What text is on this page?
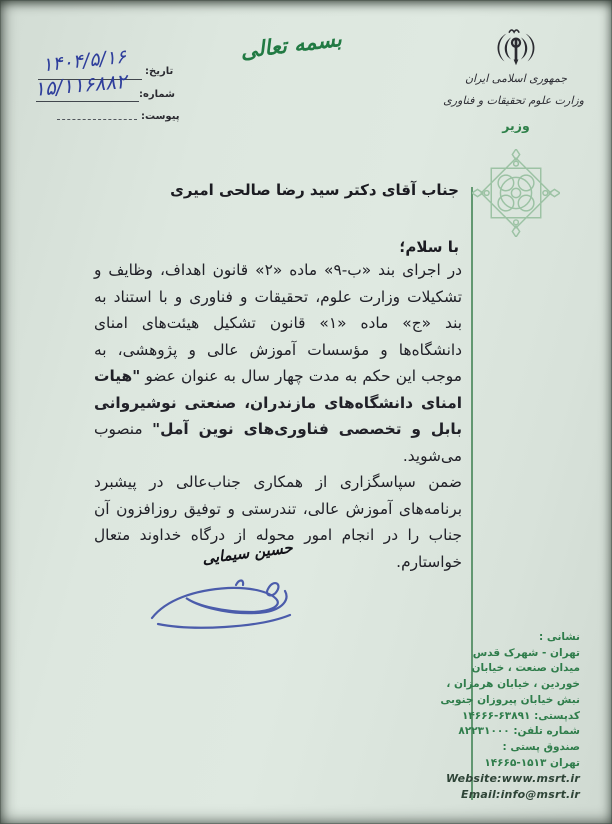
بسمه تعالی
۱۴۰۴/۵/۱۶ تاریخ:
۱۵/۱۱۶۸۸۲ شماره:
پیوست:
جمهوری اسلامی ایران
وزارت علوم تحقیقات و فناوری
وزیر
جناب آقای دکتر سید رضا صالحی امیری
با سلام؛

در اجرای بند «ب-۹» ماده «۲» قانون اهداف، وظایف و تشکیلات وزارت علوم، تحقیقات و فناوری و با استناد به بند «ج» ماده «۱» قانون تشکیل هیئت‌های امنای دانشگاه‌ها و مؤسسات آموزش عالی و پژوهشی، به موجب این حکم به مدت چهار سال به عنوان عضو "هیات امنای دانشگاه‌های مازندران، صنعتی نوشیروانی بابل و تخصصی فناوری‌های نوین آمل" منصوب می‌شوید.

ضمن سپاسگزاری از همکاری جناب‌عالی در پیشبرد برنامه‌های آموزش عالی، تندرستی و توفیق روزافزون آن جناب را در انجام امور محوله از درگاه خداوند متعال خواستارم.

حسین سیمایی
نشانی :
تهران - شهرک قدس
میدان صنعت ، خیابان
خوردین ، خیابان هرمزان ،
نبش خیابان پیروزان جنوبی
کدپستی: ۱۴۶۶۶-۶۳۸۹۱
شماره تلفن: ۸۲۲۳۱۰۰۰
صندوق پستی :
تهران ۱۴۶۶۵-۱۵۱۳
Website:www.msrt.ir
Email:info@msrt.ir
